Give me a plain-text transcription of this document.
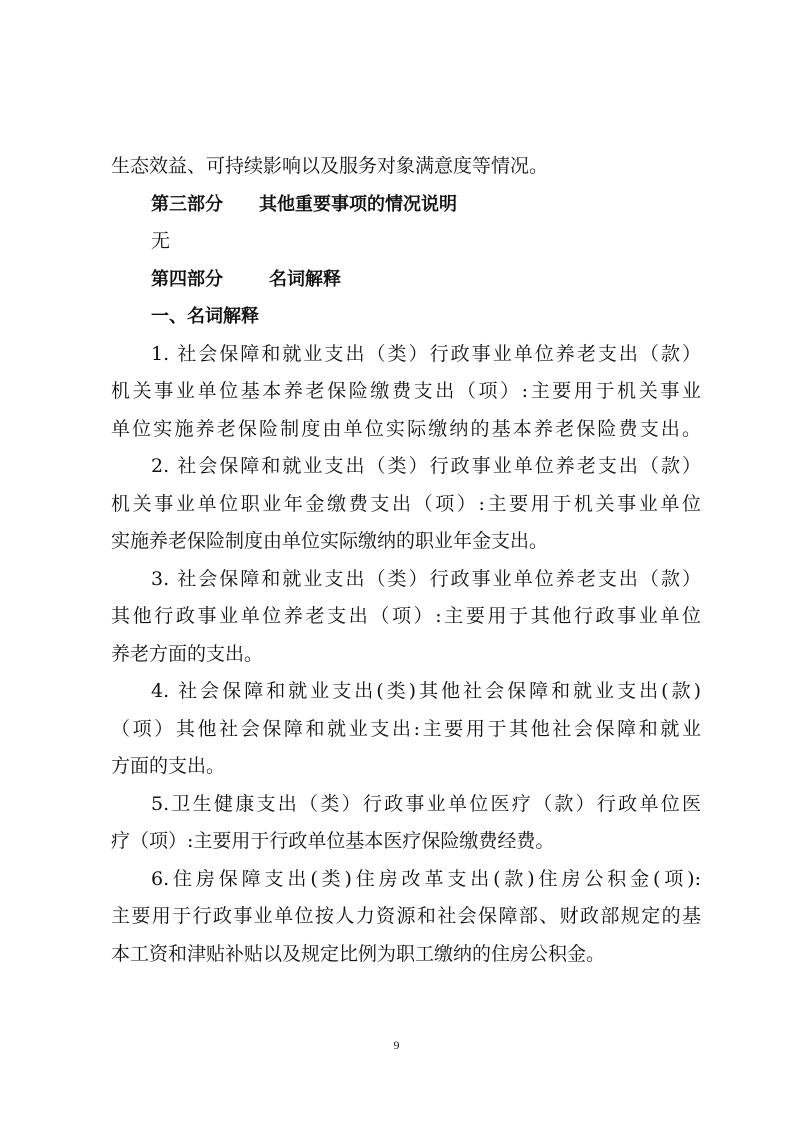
生态效益、可持续影响以及服务对象满意度等情况。
第三部分 其他重要事项的情况说明
无
第四部分	名词解释
一、名词解释
1. 社会保障和就业支出（类）行政事业单位养老支出（款）
机关事业单位基本养老保险缴费支出（项）:主要用于机关事业
单位实施养老保险制度由单位实际缴纳的基本养老保险费支出。
2. 社会保障和就业支出（类）行政事业单位养老支出（款）
机关事业单位职业年金缴费支出（项）:主要用于机关事业单位
实施养老保险制度由单位实际缴纳的职业年金支出。
3. 社会保障和就业支出（类）行政事业单位养老支出（款）
其他行政事业单位养老支出（项）:主要用于其他行政事业单位
养老方面的支出。
4. 社会保障和就业支出(类)其他社会保障和就业支出(款)
（项）其他社会保障和就业支出:主要用于其他社会保障和就业
方面的支出。
5.卫生健康支出（类）行政事业单位医疗（款）行政单位医
疗（项）:主要用于行政单位基本医疗保险缴费经费。
6.住房保障支出(类)住房改革支出(款)住房公积金(项):
主要用于行政事业单位按人力资源和社会保障部、财政部规定的基
本工资和津贴补贴以及规定比例为职工缴纳的住房公积金。
9
